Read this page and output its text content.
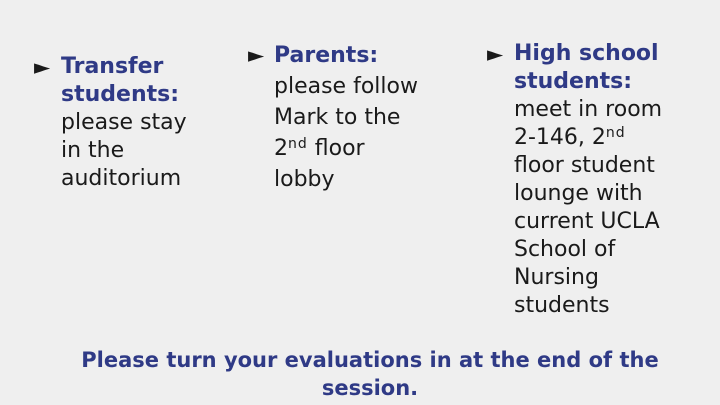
► Transfer
students:
please stay
in the
auditorium
► Parents:
please follow
Mark to the
2nd floor
lobby
► High school
students:
meet in room
2-146, 2nd
floor student
lounge with
current UCLA
School of
Nursing
students
Please turn your evaluations in at the end of the
session.
